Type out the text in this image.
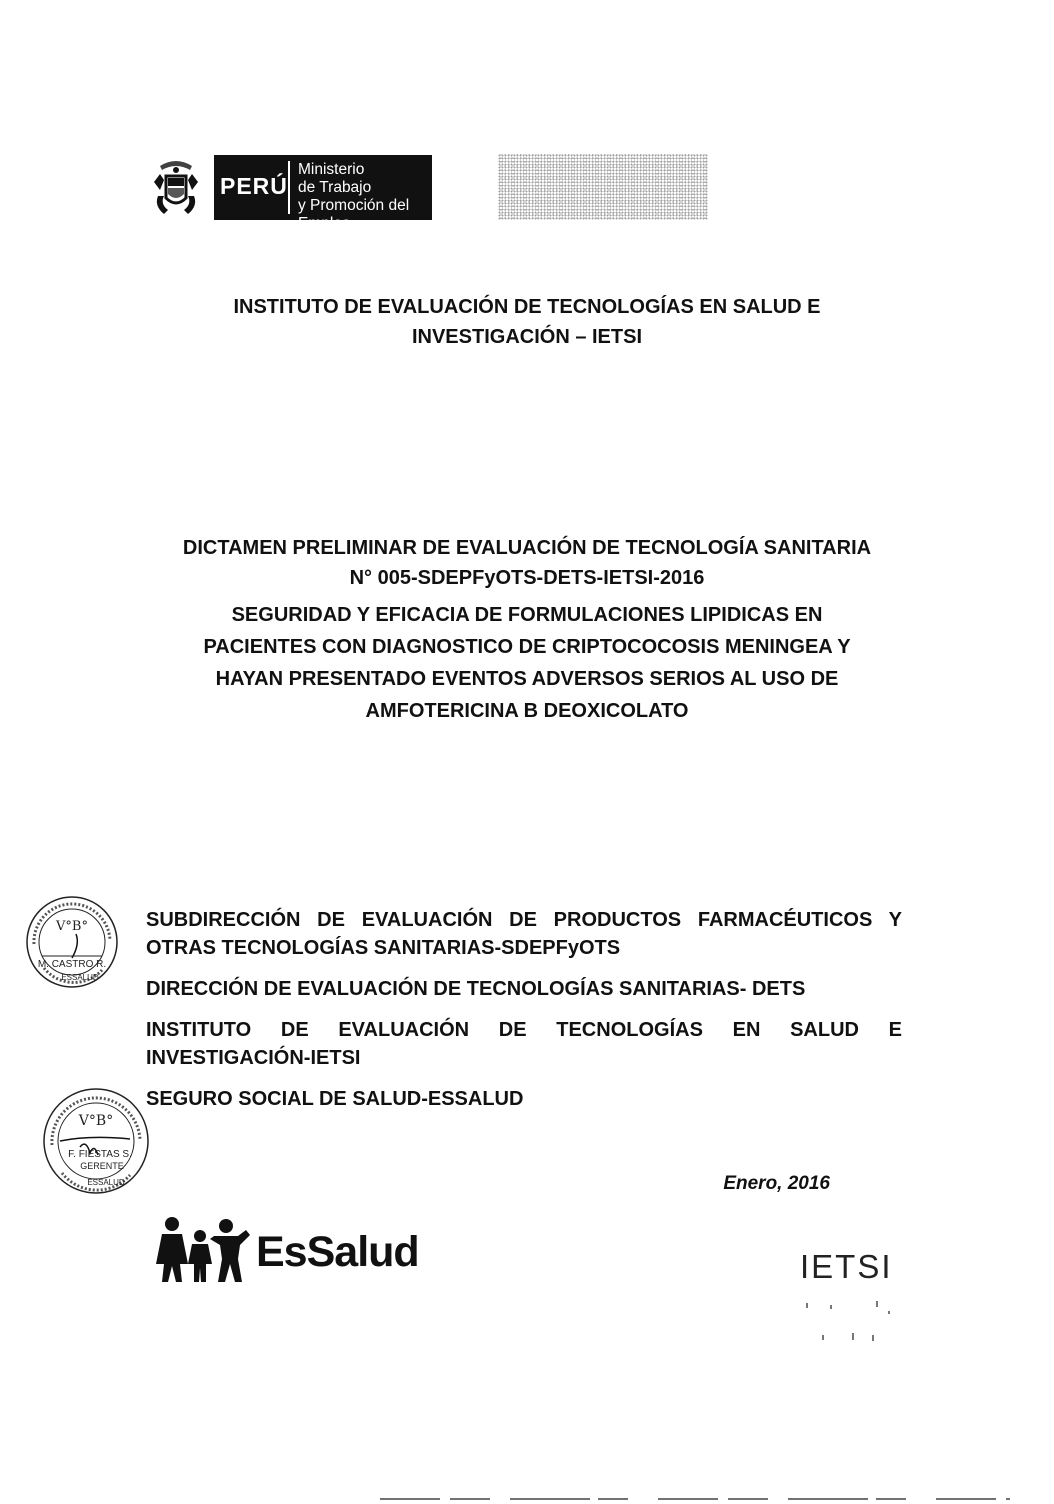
PERÚ
Ministerio
de Trabajo
y Promoción del Empleo
INSTITUTO DE EVALUACIÓN DE TECNOLOGÍAS EN SALUD E
INVESTIGACIÓN – IETSI
DICTAMEN PRELIMINAR DE EVALUACIÓN DE TECNOLOGÍA SANITARIA
N° 005-SDEPFyOTS-DETS-IETSI-2016
SEGURIDAD Y EFICACIA DE FORMULACIONES LIPIDICAS EN
PACIENTES CON DIAGNOSTICO DE CRIPTOCOCOSIS MENINGEA Y
HAYAN PRESENTADO EVENTOS ADVERSOS SERIOS AL USO DE
AMFOTERICINA B DEOXICOLATO
V°B°
M. CASTRO R.
ESSALUD
V°B°
F. FIESTAS S.
GERENTE
ESSALUD
SUBDIRECCIÓN DE EVALUACIÓN DE PRODUCTOS FARMACÉUTICOS Y
OTRAS TECNOLOGÍAS SANITARIAS-SDEPFyOTS
DIRECCIÓN DE EVALUACIÓN DE TECNOLOGÍAS SANITARIAS- DETS
INSTITUTO DE EVALUACIÓN DE TECNOLOGÍAS EN SALUD E
INVESTIGACIÓN-IETSI
SEGURO SOCIAL DE SALUD-ESSALUD
Enero, 2016
EsSalud	IETSI
